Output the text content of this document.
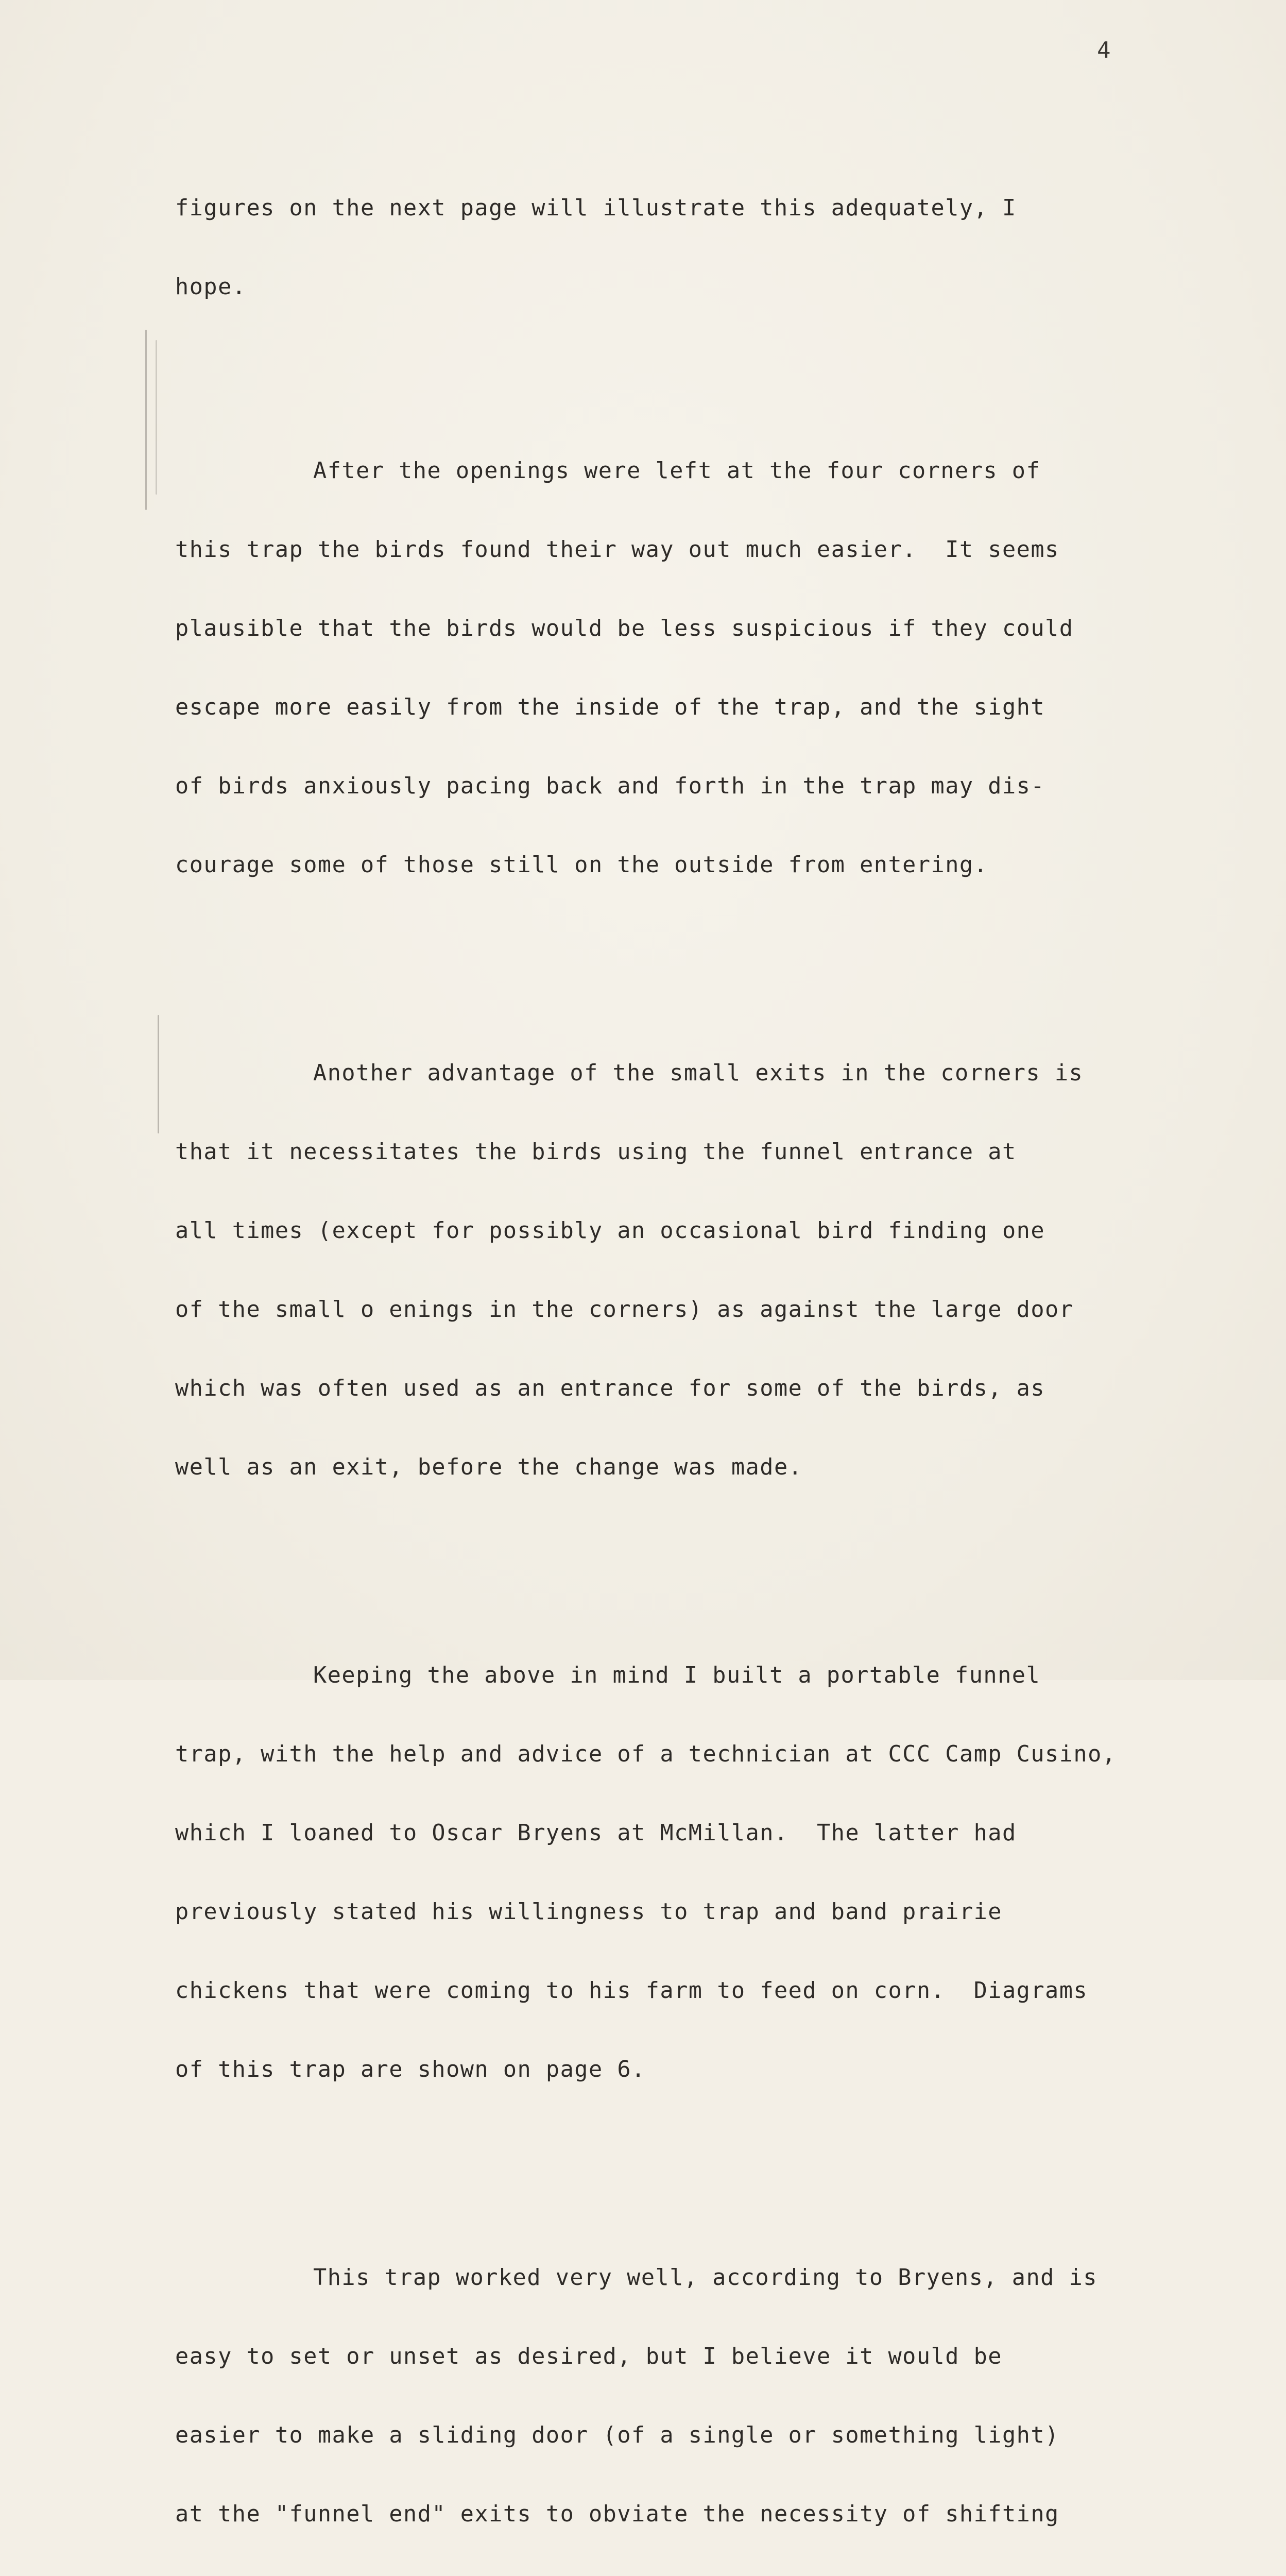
4

figures on the next page will illustrate this adequately, I

hope.

After the openings were left at the four corners of

this trap the birds found their way out much easier.  It seems

plausible that the birds would be less suspicious if they could

escape more easily from the inside of the trap, and the sight

of birds anxiously pacing back and forth in the trap may dis-

courage some of those still on the outside from entering.

Another advantage of the small exits in the corners is

that it necessitates the birds using the funnel entrance at

all times (except for possibly an occasional bird finding one

of the small o enings in the corners) as against the large door

which was often used as an entrance for some of the birds, as

well as an exit, before the change was made.

Keeping the above in mind I built a portable funnel

trap, with the help and advice of a technician at CCC Camp Cusino,

which I loaned to Oscar Bryens at McMillan.  The latter had

previously stated his willingness to trap and band prairie

chickens that were coming to his farm to feed on corn.  Diagrams

of this trap are shown on page 6.

This trap worked very well, according to Bryens, and is

easy to set or unset as desired, but I believe it would be

easier to make a sliding door (of a single or something light)

at the "funnel end" exits to obviate the necessity of shifting
